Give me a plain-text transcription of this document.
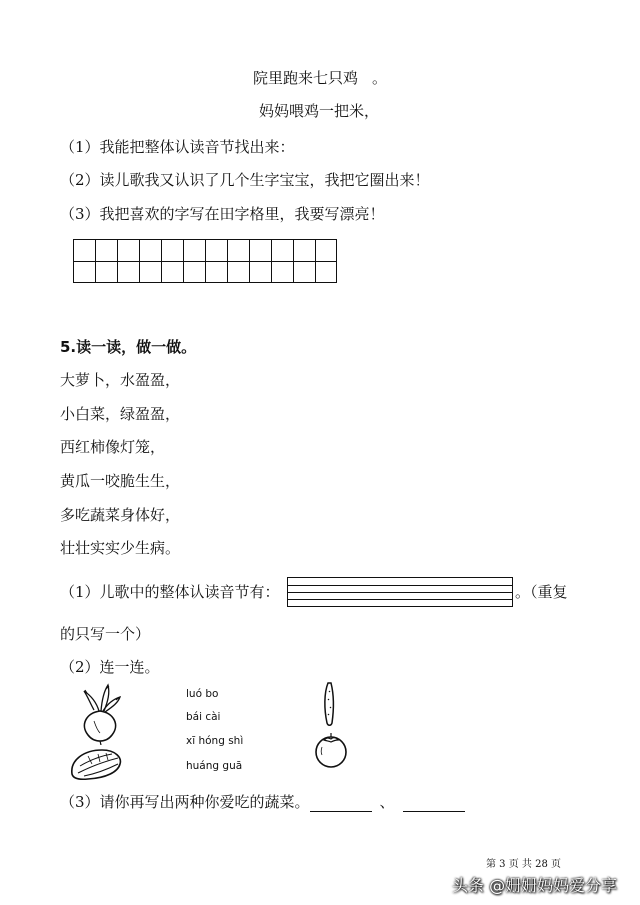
院里跑来七只鸡 。
妈妈喂鸡一把米，
（1）我能把整体认读音节找出来：
（2）读儿歌我又认识了几个生字宝宝，我把它圈出来！
（3）我把喜欢的字写在田字格里，我要写漂亮！
5.读一读，做一做。
大萝卜，水盈盈，
小白菜，绿盈盈，
西红柿像灯笼，
黄瓜一咬脆生生，
多吃蔬菜身体好，
壮壮实实少生病。
（1）儿歌中的整体认读音节有：	。（重复
的只写一个）
（2）连一连。
luó bo
bái cài
xī hóng shì
huáng guā
（3）请你再写出两种你爱吃的蔬菜。	、
第 3 页 共 28 页
头条 @姗姗妈妈爱分享
